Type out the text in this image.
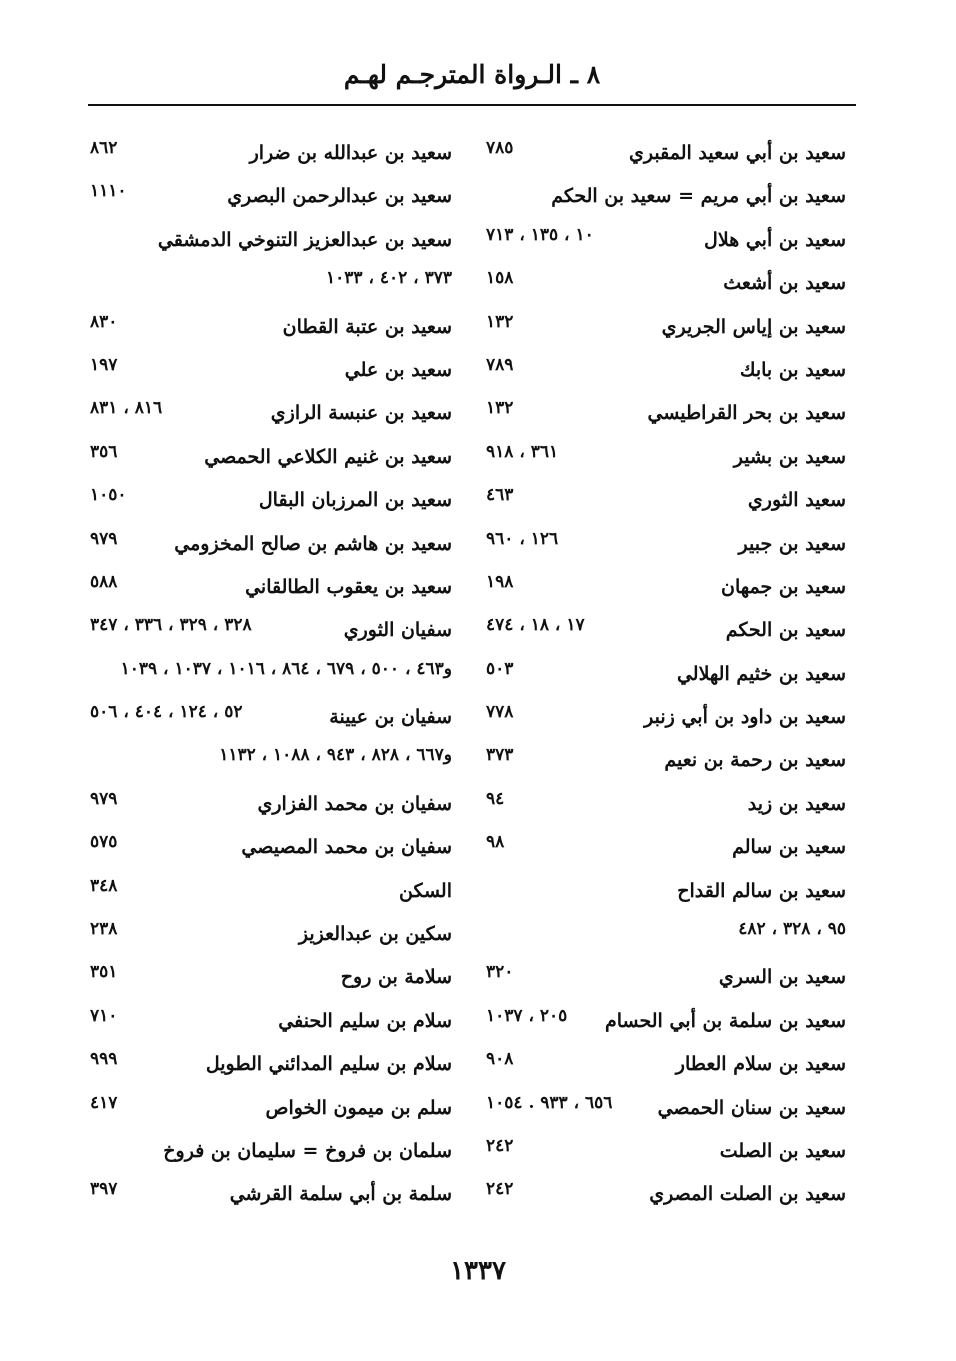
٨ ـ الـرواة المترجـم لهـم
سعيد بن أبي سعيد المقبري
٧٨٥
سعيد بن أبي مريم = سعيد بن الحكم
سعيد بن أبي هلال
١٠ ، ١٣٥ ، ٧١٣
سعيد بن أشعث
١٥٨
سعيد بن إياس الجريري
١٣٢
سعيد بن بابك
٧٨٩
سعيد بن بحر القراطيسي
١٣٢
سعيد بن بشير
٣٦١ ، ٩١٨
سعيد الثوري
٤٦٣
سعيد بن جبير
١٢٦ ، ٩٦٠
سعيد بن جمهان
١٩٨
سعيد بن الحكم
١٧ ، ١٨ ، ٤٧٤
سعيد بن خثيم الهلالي
٥٠٣
سعيد بن داود بن أبي زنبر
٧٧٨
سعيد بن رحمة بن نعيم
٣٧٣
سعيد بن زيد
٩٤
سعيد بن سالم
٩٨
سعيد بن سالم القداح
٩٥ ، ٣٢٨ ، ٤٨٢
سعيد بن السري
٣٢٠
سعيد بن سلمة بن أبي الحسام
٢٠٥ ، ١٠٣٧
سعيد بن سلام العطار
٩٠٨
سعيد بن سنان الحمصي
٦٥٦ ، ٩٣٣ . ١٠٥٤
سعيد بن الصلت
٢٤٢
سعيد بن الصلت المصري
٢٤٢
سعيد بن عبدالله بن ضرار
٨٦٢
سعيد بن عبدالرحمن البصري
١١١٠
سعيد بن عبدالعزيز التنوخي الدمشقي
٣٧٣ ، ٤٠٢ ، ١٠٣٣
سعيد بن عتبة القطان
٨٣٠
سعيد بن علي
١٩٧
سعيد بن عنبسة الرازي
٨١٦ ، ٨٣١
سعيد بن غنيم الكلاعي الحمصي
٣٥٦
سعيد بن المرزبان البقال
١٠٥٠
سعيد بن هاشم بن صالح المخزومي
٩٧٩
سعيد بن يعقوب الطالقاني
٥٨٨
سفيان الثوري
٣٢٨ ، ٣٢٩ ، ٣٣٦ ، ٣٤٧
و٤٦٣ ، ٥٠٠ ، ٦٧٩ ، ٨٦٤ ، ١٠١٦ ، ١٠٣٧ ، ١٠٣٩
سفيان بن عيينة
٥٢ ، ١٢٤ ، ٤٠٤ ، ٥٠٦
و٦٦٧ ، ٨٢٨ ، ٩٤٣ ، ١٠٨٨ ، ١١٣٢
سفيان بن محمد الفزاري
٩٧٩
سفيان بن محمد المصيصي
٥٧٥
السكن
٣٤٨
سكين بن عبدالعزيز
٢٣٨
سلامة بن روح
٣٥١
سلام بن سليم الحنفي
٧١٠
سلام بن سليم المدائني الطويل
٩٩٩
سلم بن ميمون الخواص
٤١٧
سلمان بن فروخ = سليمان بن فروخ
سلمة بن أبي سلمة القرشي
٣٩٧
١٣٣٧
